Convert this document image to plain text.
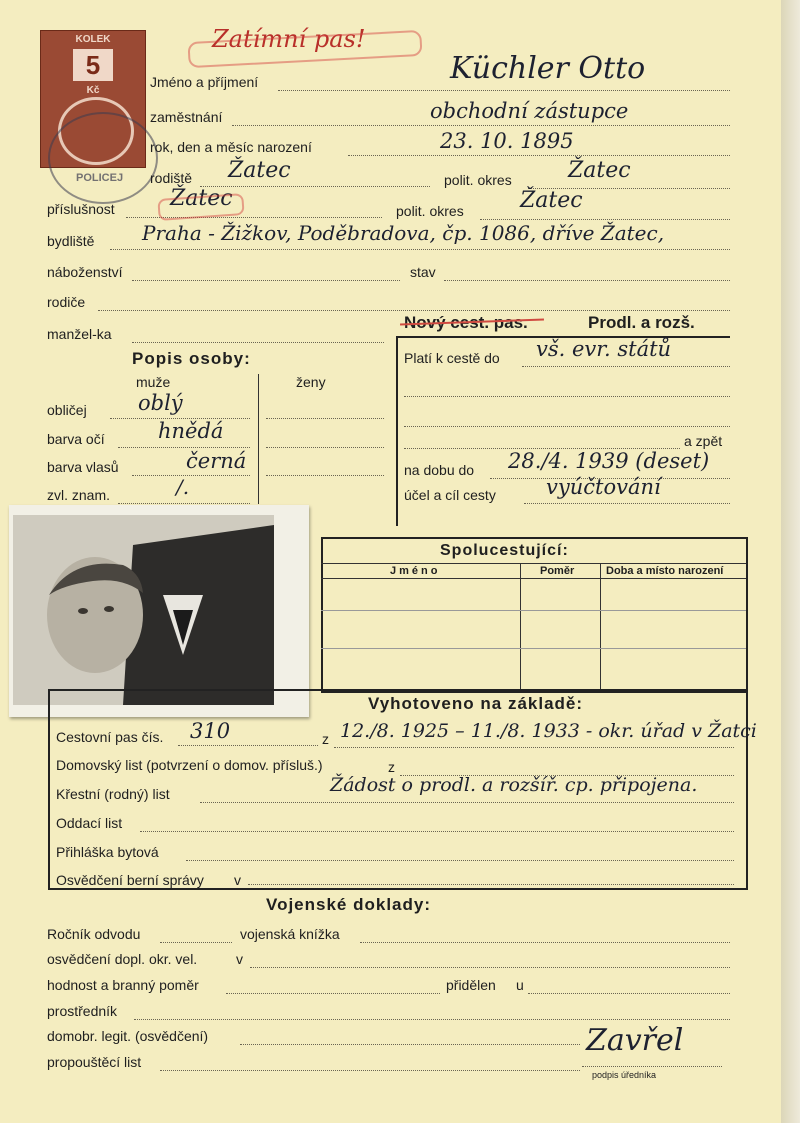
KOLEK
5
Kč
POLICEJ
Zatímní pas!
Jméno a příjmení	Küchler Otto
zaměstnání	obchodní zástupce
rok, den a měsíc narození	23. 10. 1895
rodiště Žatec	polit. okres	Žatec
příslušnost	Žatec	polit. okres	Žatec
bydliště Praha - Žižkov, Poděbradova, čp. 1086, dříve Žatec,
náboženství	stav
rodiče
manžel-ka
Nový cest. pas.	Prodl. a rozš.
Platí k cestě do vš. evr. států
a zpět
na dobu do 28./4. 1939 (deset)
účel a cíl cesty vyúčtování
Popis osoby:
muže	ženy
obličej oblý
barva očí	hnědá
barva vlasů	černá
zvl. znam.	/.
Spolucestující:
Jméno	Poměr	Doba a místo narození
Vyhotoveno na základě:
Cestovní pas čís. 310	z 12./8. 1925 – 11./8. 1933 - okr. úřad v Žatci
Domovský list (potvrzení o domov. přísluš.)	z
Křestní (rodný) list	Žádost o prodl. a rozšíř. cp. připojena.
Oddací list
Přihláška bytová
Osvědčení berní správy v
Vojenské doklady:
Ročník odvodu	vojenská knížka
osvědčení dopl. okr. vel.	v
hodnost a branný poměr	přidělen u
prostředník
domobr. legit. (osvědčení)
propouštěcí list
Zavřel
podpis úředníka
